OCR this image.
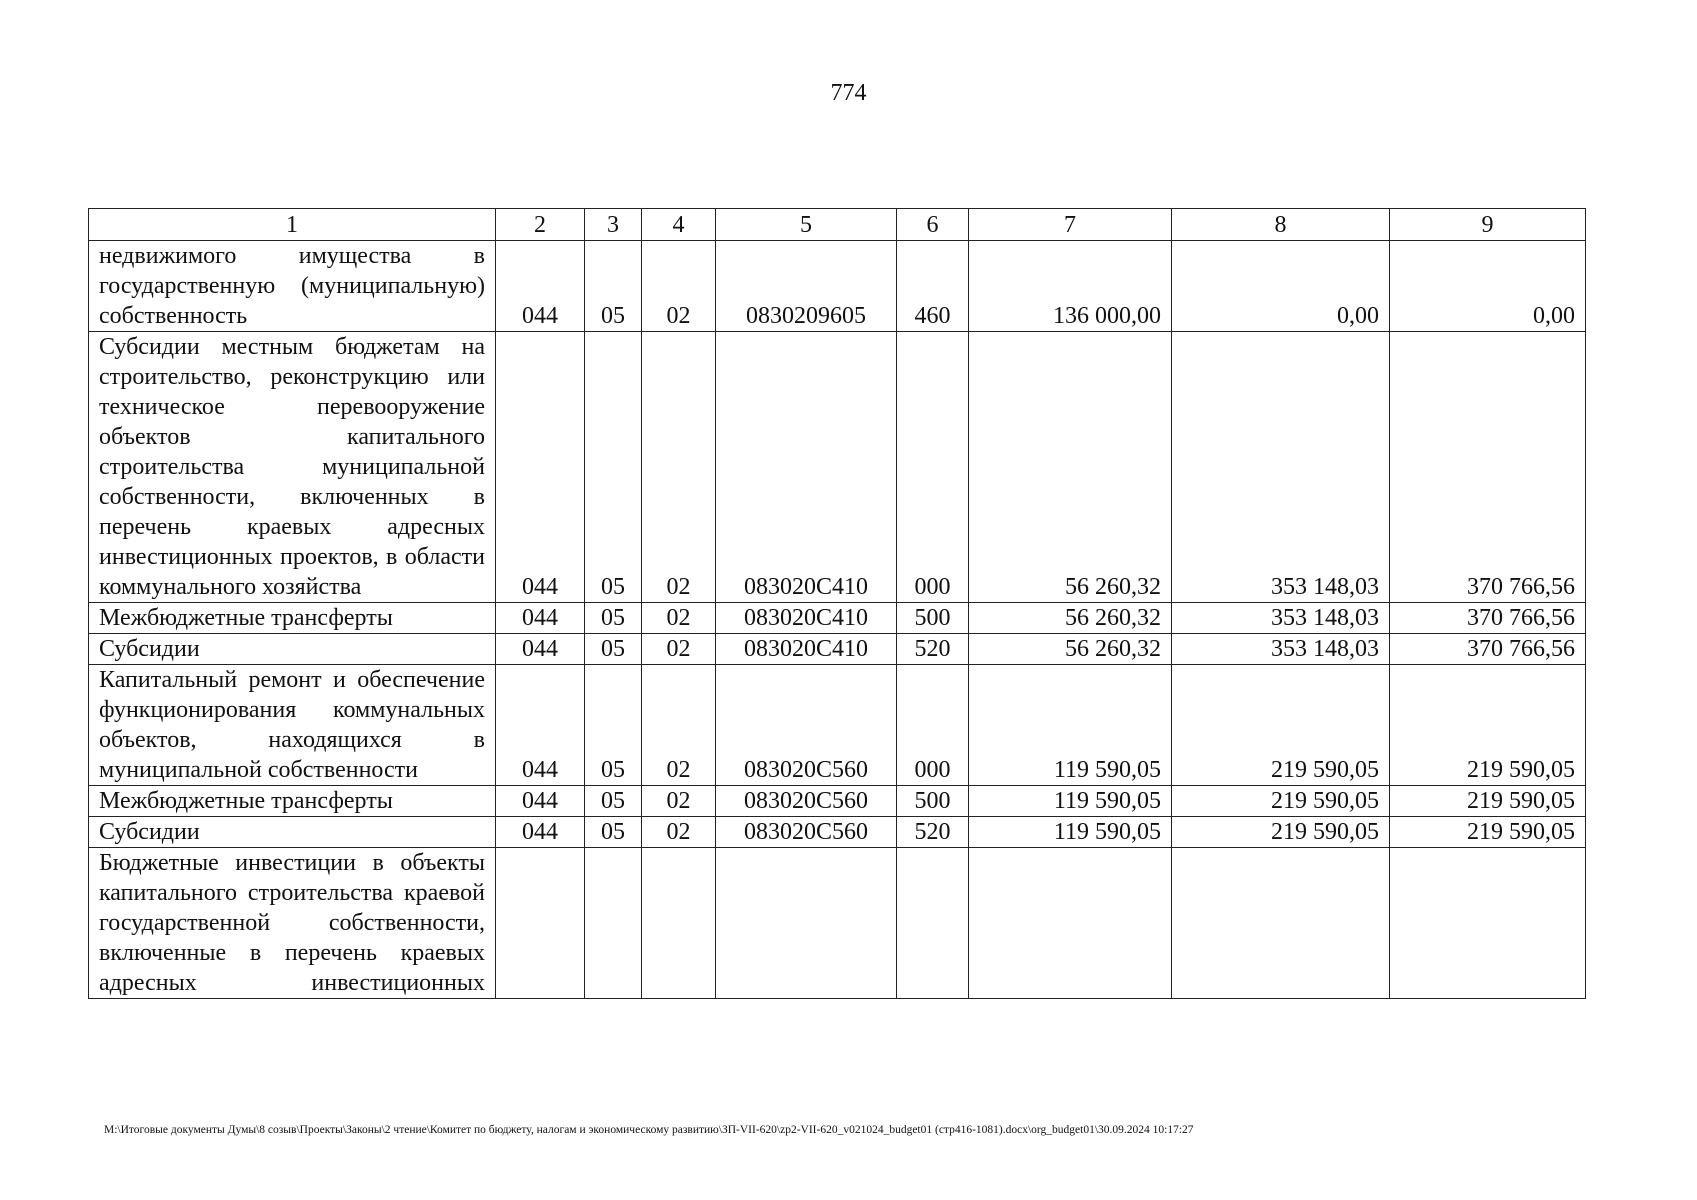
774
1	2	3	4	5	6	7	8	9
недвижимого имущества в государственную (муниципальную) собственность	044	05	02	0830209605	460	136 000,00	0,00	0,00
Субсидии местным бюджетам на строительство, реконструкцию или техническое перевооружение объектов капитального строительства муниципальной собственности, включенных в перечень краевых адресных инвестиционных проектов, в области коммунального хозяйства	044	05	02	083020С410	000	56 260,32	353 148,03	370 766,56
Межбюджетные трансферты	044	05	02	083020С410	500	56 260,32	353 148,03	370 766,56
Субсидии	044	05	02	083020С410	520	56 260,32	353 148,03	370 766,56
Капитальный ремонт и обеспечение функционирования коммунальных объектов, находящихся в муниципальной собственности	044	05	02	083020С560	000	119 590,05	219 590,05	219 590,05
Межбюджетные трансферты	044	05	02	083020С560	500	119 590,05	219 590,05	219 590,05
Субсидии	044	05	02	083020С560	520	119 590,05	219 590,05	219 590,05
Бюджетные инвестиции в объекты капитального строительства краевой государственной собственности, включенные в перечень краевых адресных инвестиционных								
M:\Итоговые документы Думы\8 созыв\Проекты\Законы\2 чтение\Комитет по бюджету, налогам и экономическому развитию\ЗП-VII-620\zp2-VII-620_v021024_budget01 (стр416-1081).docx\org_budget01\30.09.2024 10:17:27
